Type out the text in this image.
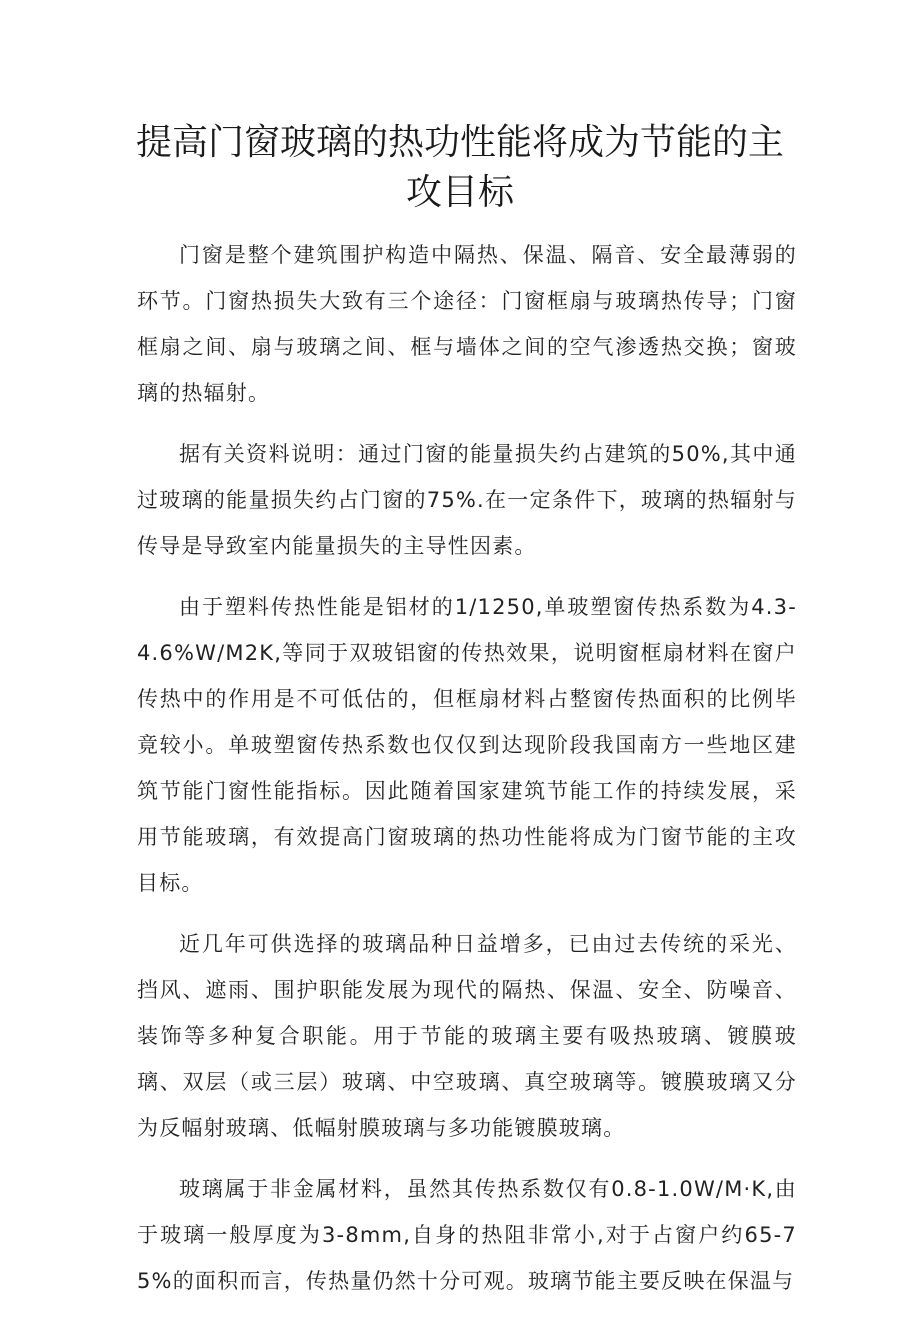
提高门窗玻璃的热功性能将成为节能的主攻目标

门窗是整个建筑围护构造中隔热、保温、隔音、安全最薄弱的环节。门窗热损失大致有三个途径：门窗框扇与玻璃热传导；门窗框扇之间、扇与玻璃之间、框与墙体之间的空气渗透热交换；窗玻璃的热辐射。

据有关资料说明：通过门窗的能量损失约占建筑的50%,其中通过玻璃的能量损失约占门窗的75%.在一定条件下，玻璃的热辐射与传导是导致室内能量损失的主导性因素。

由于塑料传热性能是铝材的1/1250,单玻塑窗传热系数为4.3-4.6%W/M2K,等同于双玻铝窗的传热效果，说明窗框扇材料在窗户传热中的作用是不可低估的，但框扇材料占整窗传热面积的比例毕竟较小。单玻塑窗传热系数也仅仅到达现阶段我国南方一些地区建筑节能门窗性能指标。因此随着国家建筑节能工作的持续发展，采用节能玻璃，有效提高门窗玻璃的热功性能将成为门窗节能的主攻目标。

近几年可供选择的玻璃品种日益增多，已由过去传统的采光、挡风、遮雨、围护职能发展为现代的隔热、保温、安全、防噪音、装饰等多种复合职能。用于节能的玻璃主要有吸热玻璃、镀膜玻璃、双层（或三层）玻璃、中空玻璃、真空玻璃等。镀膜玻璃又分为反幅射玻璃、低幅射膜玻璃与多功能镀膜玻璃。

玻璃属于非金属材料，虽然其传热系数仅有0.8-1.0W/M·K,由于玻璃一般厚度为3-8mm,自身的热阻非常小,对于占窗户约65-75%的面积而言，传热量仍然十分可观。玻璃节能主要反映在保温与
